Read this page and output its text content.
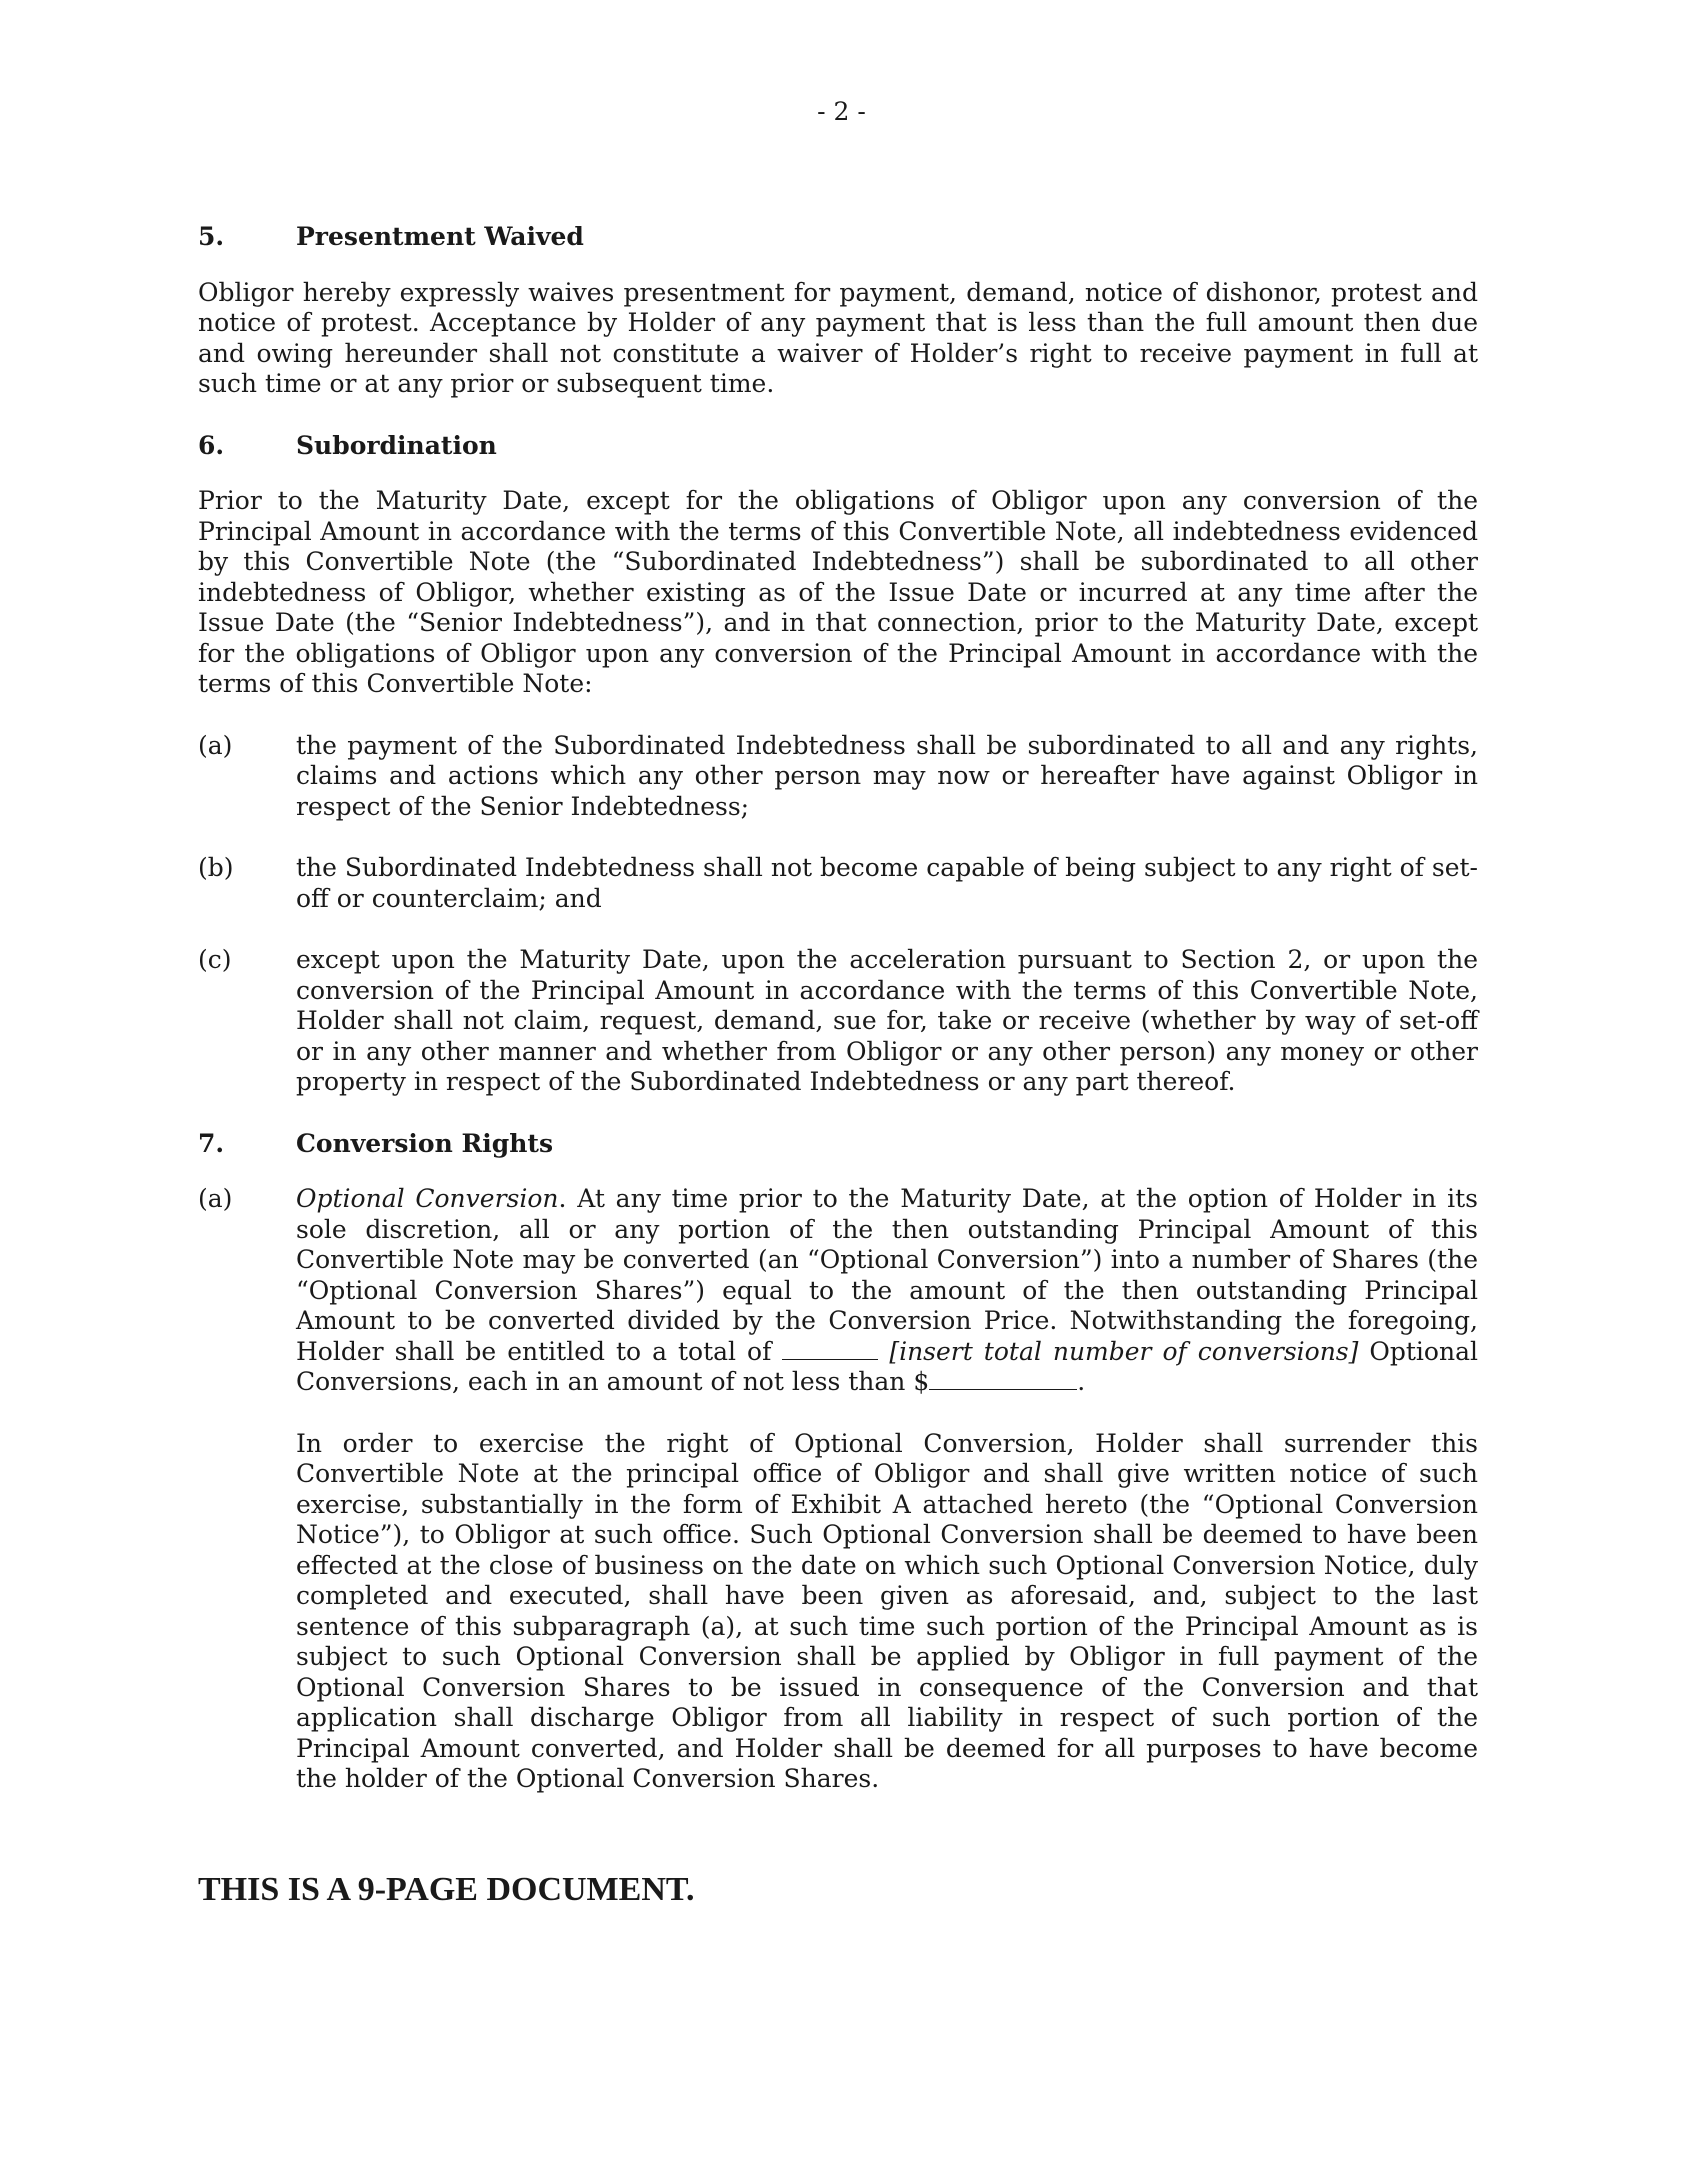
- 2 -
5.	Presentment Waived

Obligor hereby expressly waives presentment for payment, demand, notice of dishonor, protest and notice of protest. Acceptance by Holder of any payment that is less than the full amount then due and owing hereunder shall not constitute a waiver of Holder’s right to receive payment in full at such time or at any prior or subsequent time.

6.	Subordination

Prior to the Maturity Date, except for the obligations of Obligor upon any conversion of the Principal Amount in accordance with the terms of this Convertible Note, all indebtedness evidenced by this Convertible Note (the “Subordinated Indebtedness”) shall be subordinated to all other indebtedness of Obligor, whether existing as of the Issue Date or incurred at any time after the Issue Date (the “Senior Indebtedness”), and in that connection, prior to the Maturity Date, except for the obligations of Obligor upon any conversion of the Principal Amount in accordance with the terms of this Convertible Note:

(a)	the payment of the Subordinated Indebtedness shall be subordinated to all and any rights, claims and actions which any other person may now or hereafter have against Obligor in respect of the Senior Indebtedness;
(b)	the Subordinated Indebtedness shall not become capable of being subject to any right of set-off or counterclaim; and
(c)	except upon the Maturity Date, upon the acceleration pursuant to Section 2, or upon the conversion of the Principal Amount in accordance with the terms of this Convertible Note, Holder shall not claim, request, demand, sue for, take or receive (whether by way of set-off or in any other manner and whether from Obligor or any other person) any money or other property in respect of the Subordinated Indebtedness or any part thereof.
7.	Conversion Rights
(a)	Optional Conversion. At any time prior to the Maturity Date, at the option of Holder in its sole discretion, all or any portion of the then outstanding Principal Amount of this Convertible Note may be converted (an “Optional Conversion”) into a number of Shares (the “Optional Conversion Shares”) equal to the amount of the then outstanding Principal Amount to be converted divided by the Conversion Price. Notwithstanding the foregoing, Holder shall be entitled to a total of	[insert total number of conversions] Optional Conversions, each in an amount of not less than $	.

In order to exercise the right of Optional Conversion, Holder shall surrender this Convertible Note at the principal office of Obligor and shall give written notice of such exercise, substantially in the form of Exhibit A attached hereto (the “Optional Conversion Notice”), to Obligor at such office. Such Optional Conversion shall be deemed to have been effected at the close of business on the date on which such Optional Conversion Notice, duly completed and executed, shall have been given as aforesaid, and, subject to the last sentence of this subparagraph (a), at such time such portion of the Principal Amount as is subject to such Optional Conversion shall be applied by Obligor in full payment of the Optional Conversion Shares to be issued in consequence of the Conversion and that application shall discharge Obligor from all liability in respect of such portion of the Principal Amount converted, and Holder shall be deemed for all purposes to have become the holder of the Optional Conversion Shares.

THIS IS A 9-PAGE DOCUMENT.
